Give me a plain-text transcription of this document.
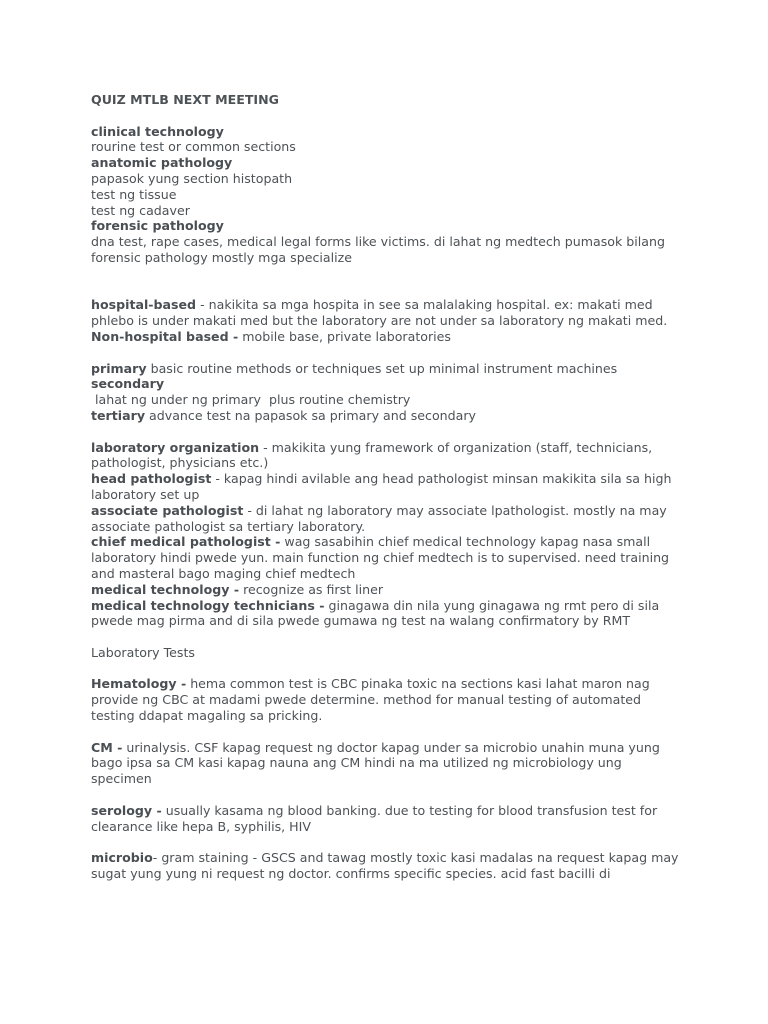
QUIZ MTLB NEXT MEETING

clinical technology

rourine test or common sections

anatomic pathology

papasok yung section histopath

test ng tissue

test ng cadaver

forensic pathology

dna test, rape cases, medical legal forms like victims. di lahat ng medtech pumasok bilang forensic pathology mostly mga specialize

hospital-based - nakikita sa mga hospita in see sa malalaking hospital. ex: makati med phlebo is under makati med but the laboratory are not under sa laboratory ng makati med.

Non-hospital based - mobile base, private laboratories

primary basic routine methods or techniques set up minimal instrument machines

secondary

lahat ng under ng primary  plus routine chemistry

tertiary advance test na papasok sa primary and secondary

laboratory organization - makikita yung framework of organization (staff, technicians, pathologist, physicians etc.)

head pathologist - kapag hindi avilable ang head pathologist minsan makikita sila sa high laboratory set up

associate pathologist - di lahat ng laboratory may associate lpathologist. mostly na may associate pathologist sa tertiary laboratory.

chief medical pathologist - wag sasabihin chief medical technology kapag nasa small laboratory hindi pwede yun. main function ng chief medtech is to supervised. need training and masteral bago maging chief medtech

medical technology - recognize as first liner

medical technology technicians - ginagawa din nila yung ginagawa ng rmt pero di sila pwede mag pirma and di sila pwede gumawa ng test na walang confirmatory by RMT

Laboratory Tests

Hematology - hema common test is CBC pinaka toxic na sections kasi lahat maron nag provide ng CBC at madami pwede determine. method for manual testing of automated testing ddapat magaling sa pricking.

CM - urinalysis. CSF kapag request ng doctor kapag under sa microbio unahin muna yung bago ipsa sa CM kasi kapag nauna ang CM hindi na ma utilized ng microbiology ung specimen

serology - usually kasama ng blood banking. due to testing for blood transfusion test for clearance like hepa B, syphilis, HIV

microbio- gram staining - GSCS and tawag mostly toxic kasi madalas na request kapag may sugat yung yung ni request ng doctor. confirms specific species. acid fast bacilli di
